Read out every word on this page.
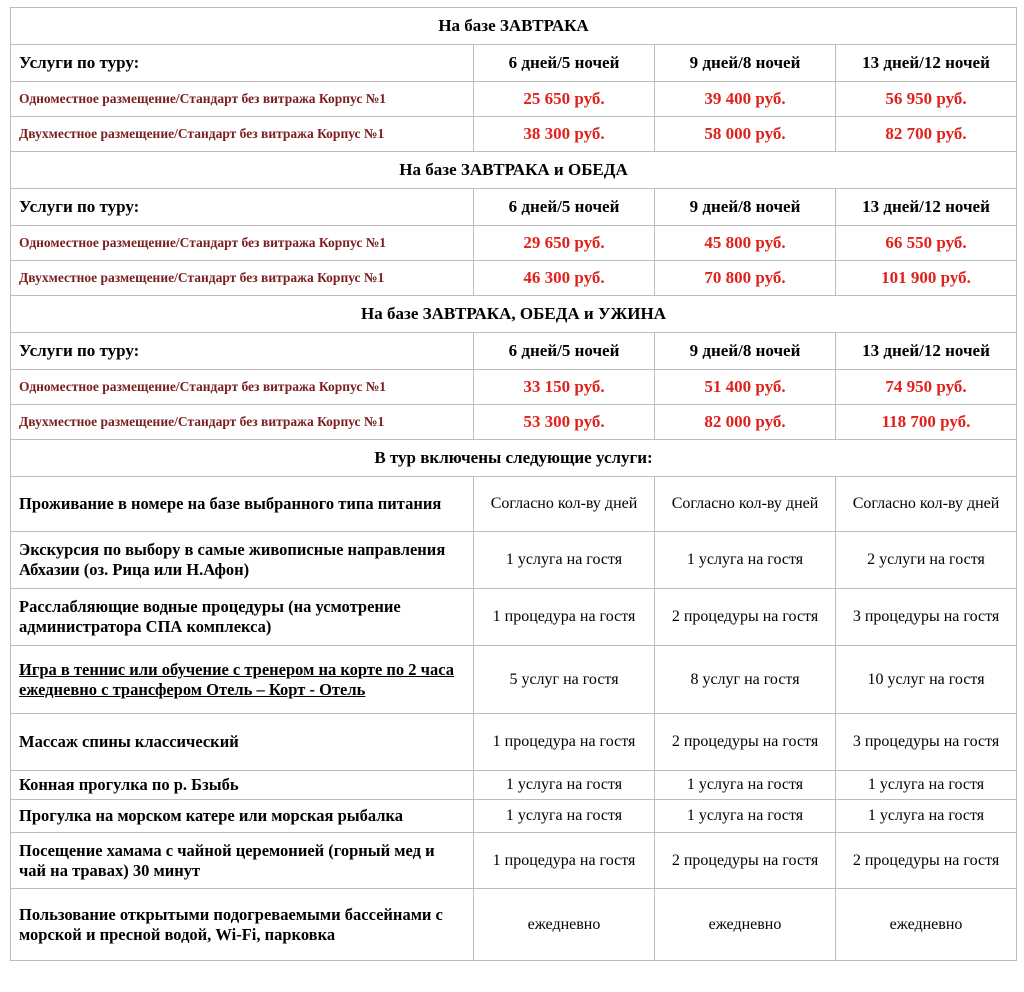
На базе ЗАВТРАКА			
Услуги по туру:	6 дней/5 ночей	9 дней/8 ночей	13 дней/12 ночей
Одноместное размещение/Стандарт без витража Корпус №1	25 650 руб.	39 400 руб.	56 950 руб.
Двухместное размещение/Стандарт без витража Корпус №1	38 300 руб.	58 000 руб.	82 700 руб.
На базе ЗАВТРАКА и ОБЕДА			
Услуги по туру:	6 дней/5 ночей	9 дней/8 ночей	13 дней/12 ночей
Одноместное размещение/Стандарт без витража Корпус №1	29 650 руб.	45 800 руб.	66 550 руб.
Двухместное размещение/Стандарт без витража Корпус №1	46 300 руб.	70 800 руб.	101 900 руб.
На базе ЗАВТРАКА, ОБЕДА и УЖИНА			
Услуги по туру:	6 дней/5 ночей	9 дней/8 ночей	13 дней/12 ночей
Одноместное размещение/Стандарт без витража Корпус №1	33 150 руб.	51 400 руб.	74 950 руб.
Двухместное размещение/Стандарт без витража Корпус №1	53 300 руб.	82 000 руб.	118 700 руб.
В тур включены следующие услуги:			
Проживание в номере на базе выбранного типа питания	Согласно кол-ву дней	Согласно кол-ву дней	Согласно кол-ву дней
Экскурсия по выбору в самые живописные направления Абхазии (оз. Рица или Н.Афон)	1 услуга на гостя	1 услуга на гостя	2 услуги на гостя
Расслабляющие водные процедуры (на усмотрение администратора СПА комплекса)	1 процедура на гостя	2 процедуры на гостя	3 процедуры на гостя
Игра в теннис или обучение с тренером на корте по 2 часа ежедневно с трансфером Отель – Корт - Отель	5 услуг на гостя	8 услуг на гостя	10 услуг на гостя
Массаж спины классический	1 процедура на гостя	2 процедуры на гостя	3 процедуры на гостя
Конная прогулка по р. Бзыбь	1 услуга на гостя	1 услуга на гостя	1 услуга на гостя
Прогулка на морском катере или морская рыбалка	1 услуга на гостя	1 услуга на гостя	1 услуга на гостя
Посещение хамама с чайной церемонией (горный мед и чай на травах) 30 минут	1 процедура на гостя	2 процедуры на гостя	2 процедуры на гостя
Пользование открытыми подогреваемыми бассейнами с морской и пресной водой, Wi-Fi, парковка	ежедневно	ежедневно	ежедневно
